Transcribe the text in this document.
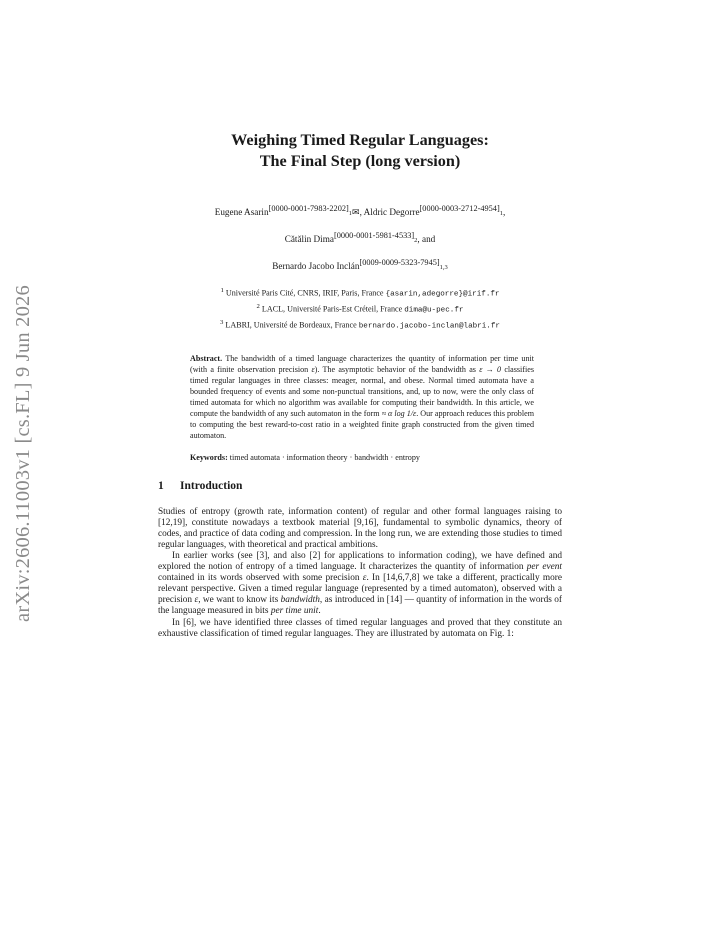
arXiv:2606.11003v1 [cs.FL] 9 Jun 2026
Weighing Timed Regular Languages:
The Final Step (long version)
Eugene Asarin[0000-0001-7983-2202]1✉, Aldric Degorre[0000-0003-2712-4954]1,
Cătălin Dima[0000-0001-5981-4533]2, and
Bernardo Jacobo Inclán[0009-0009-5323-7945]1,3
$^1$ Université Paris Cité, CNRS, IRIF, Paris, France {asarin,adegorre}@irif.fr
$^2$ LACL, Université Paris-Est Créteil, France dima@u-pec.fr
$^3$ LABRI, Université de Bordeaux, France bernardo.jacobo-inclan@labri.fr
Abstract. The bandwidth of a timed language characterizes the quantity of information per time unit (with a finite observation precision ε). The asymptotic behavior of the bandwidth as ε → 0 classifies timed regular languages in three classes: meager, normal, and obese. Normal timed automata have a bounded frequency of events and some non-punctual transitions, and, up to now, were the only class of timed automata for which no algorithm was available for computing their bandwidth. In this article, we compute the bandwidth of any such automaton in the form ≈ α log 1/ε. Our approach reduces this problem to computing the best reward-to-cost ratio in a weighted finite graph constructed from the given timed automaton.
Keywords: timed automata · information theory · bandwidth · entropy
1 Introduction

Studies of entropy (growth rate, information content) of regular and other formal languages raising to [12,19], constitute nowadays a textbook material [9,16], fundamental to symbolic dynamics, theory of codes, and practice of data coding and compression. In the long run, we are extending those studies to timed regular languages, with theoretical and practical ambitions.

In earlier works (see [3], and also [2] for applications to information coding), we have defined and explored the notion of entropy of a timed language. It characterizes the quantity of information per event contained in its words observed with some precision ε. In [14,6,7,8] we take a different, practically more relevant perspective. Given a timed regular language (represented by a timed automaton), observed with a precision ε, we want to know its bandwidth, as introduced in [14] — quantity of information in the words of the language measured in bits per time unit.

In [6], we have identified three classes of timed regular languages and proved that they constitute an exhaustive classification of timed regular languages. They are illustrated by automata on Fig. 1:
